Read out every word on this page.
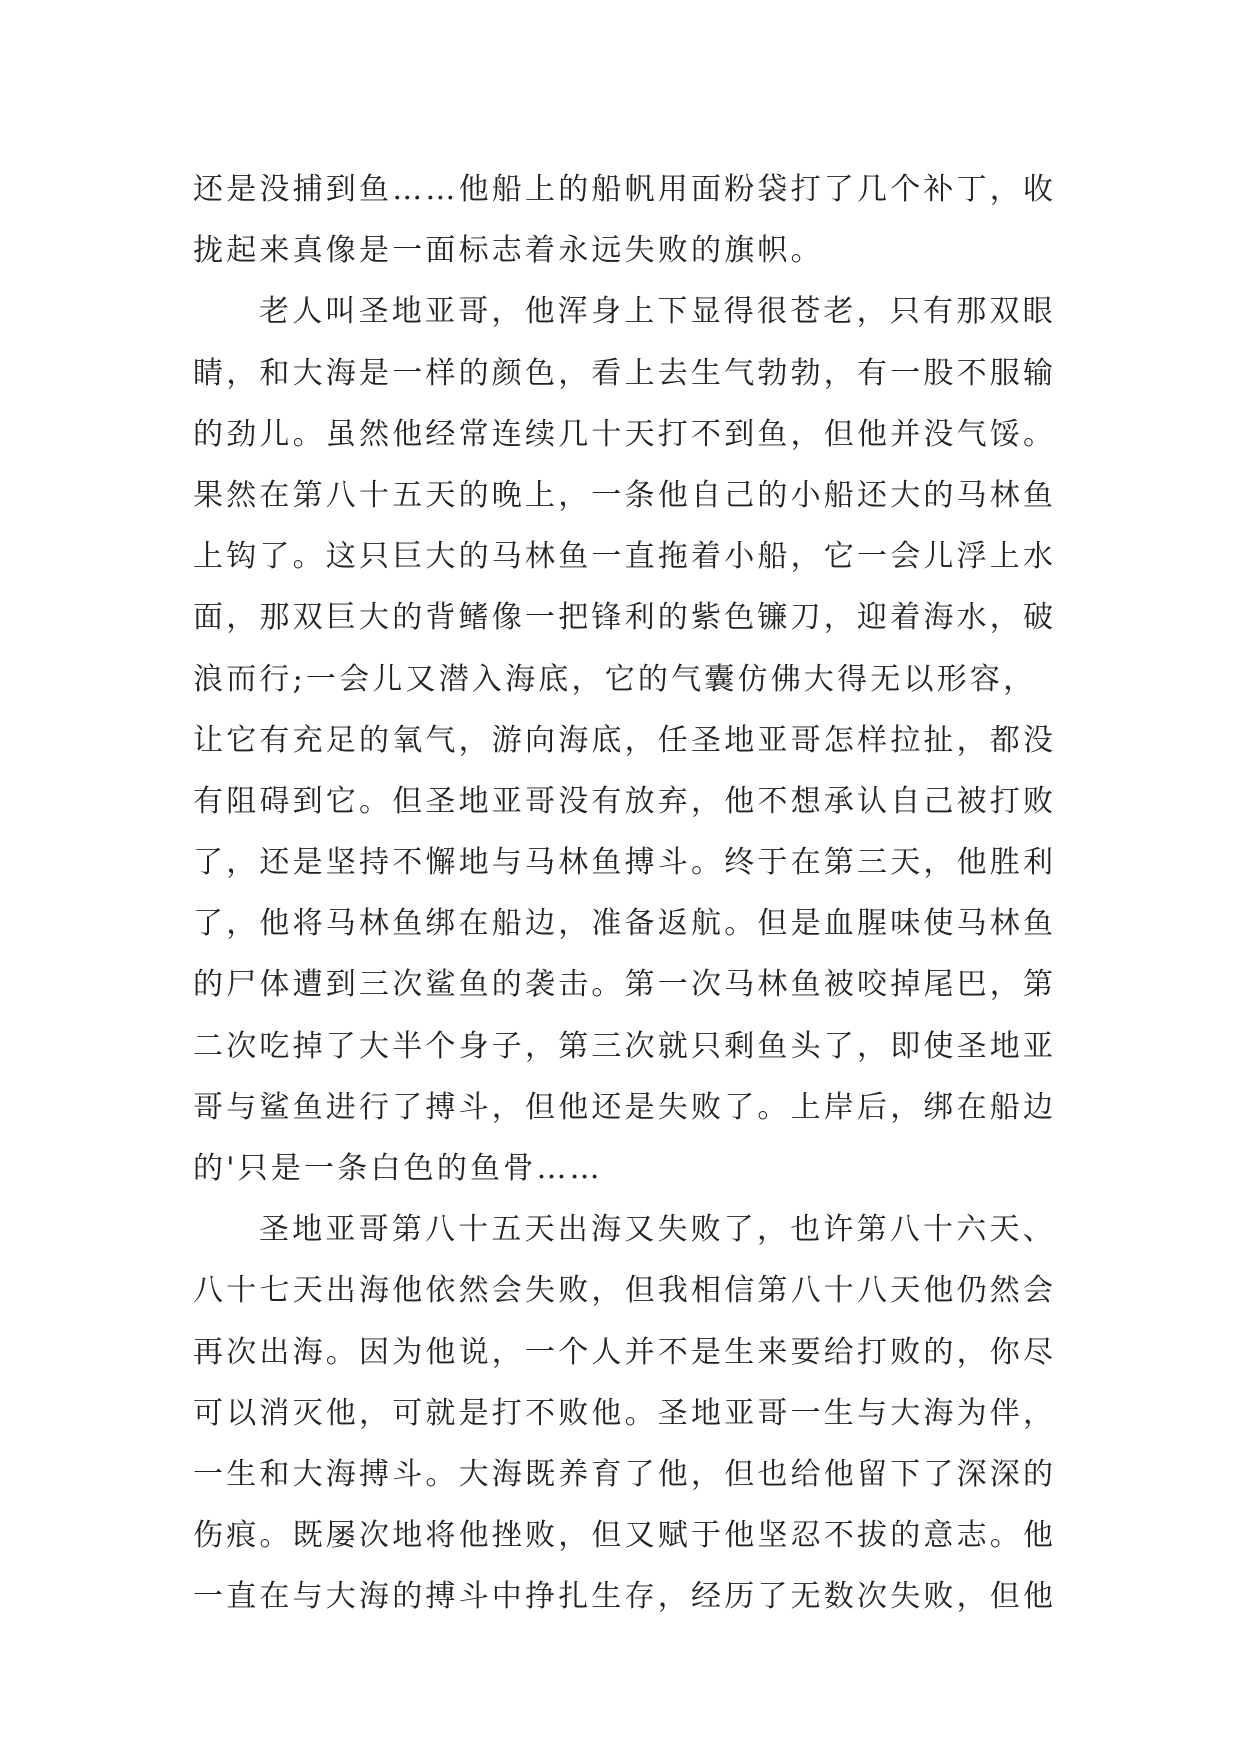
还是没捕到鱼……他船上的船帆用面粉袋打了几个补丁，收
拢起来真像是一面标志着永远失败的旗帜。
老人叫圣地亚哥，他浑身上下显得很苍老，只有那双眼
睛，和大海是一样的颜色，看上去生气勃勃，有一股不服输
的劲儿。虽然他经常连续几十天打不到鱼，但他并没气馁。
果然在第八十五天的晚上，一条他自己的小船还大的马林鱼
上钩了。这只巨大的马林鱼一直拖着小船，它一会儿浮上水
面，那双巨大的背鳍像一把锋利的紫色镰刀，迎着海水，破
浪而行;一会儿又潜入海底，它的气囊仿佛大得无以形容，
让它有充足的氧气，游向海底，任圣地亚哥怎样拉扯，都没
有阻碍到它。但圣地亚哥没有放弃，他不想承认自己被打败
了，还是坚持不懈地与马林鱼搏斗。终于在第三天，他胜利
了，他将马林鱼绑在船边，准备返航。但是血腥味使马林鱼
的尸体遭到三次鲨鱼的袭击。第一次马林鱼被咬掉尾巴，第
二次吃掉了大半个身子，第三次就只剩鱼头了，即使圣地亚
哥与鲨鱼进行了搏斗，但他还是失败了。上岸后，绑在船边
的'只是一条白色的鱼骨……
圣地亚哥第八十五天出海又失败了，也许第八十六天、
八十七天出海他依然会失败，但我相信第八十八天他仍然会
再次出海。因为他说，一个人并不是生来要给打败的，你尽
可以消灭他，可就是打不败他。圣地亚哥一生与大海为伴，
一生和大海搏斗。大海既养育了他，但也给他留下了深深的
伤痕。既屡次地将他挫败，但又赋于他坚忍不拔的意志。他
一直在与大海的搏斗中挣扎生存，经历了无数次失败，但他
